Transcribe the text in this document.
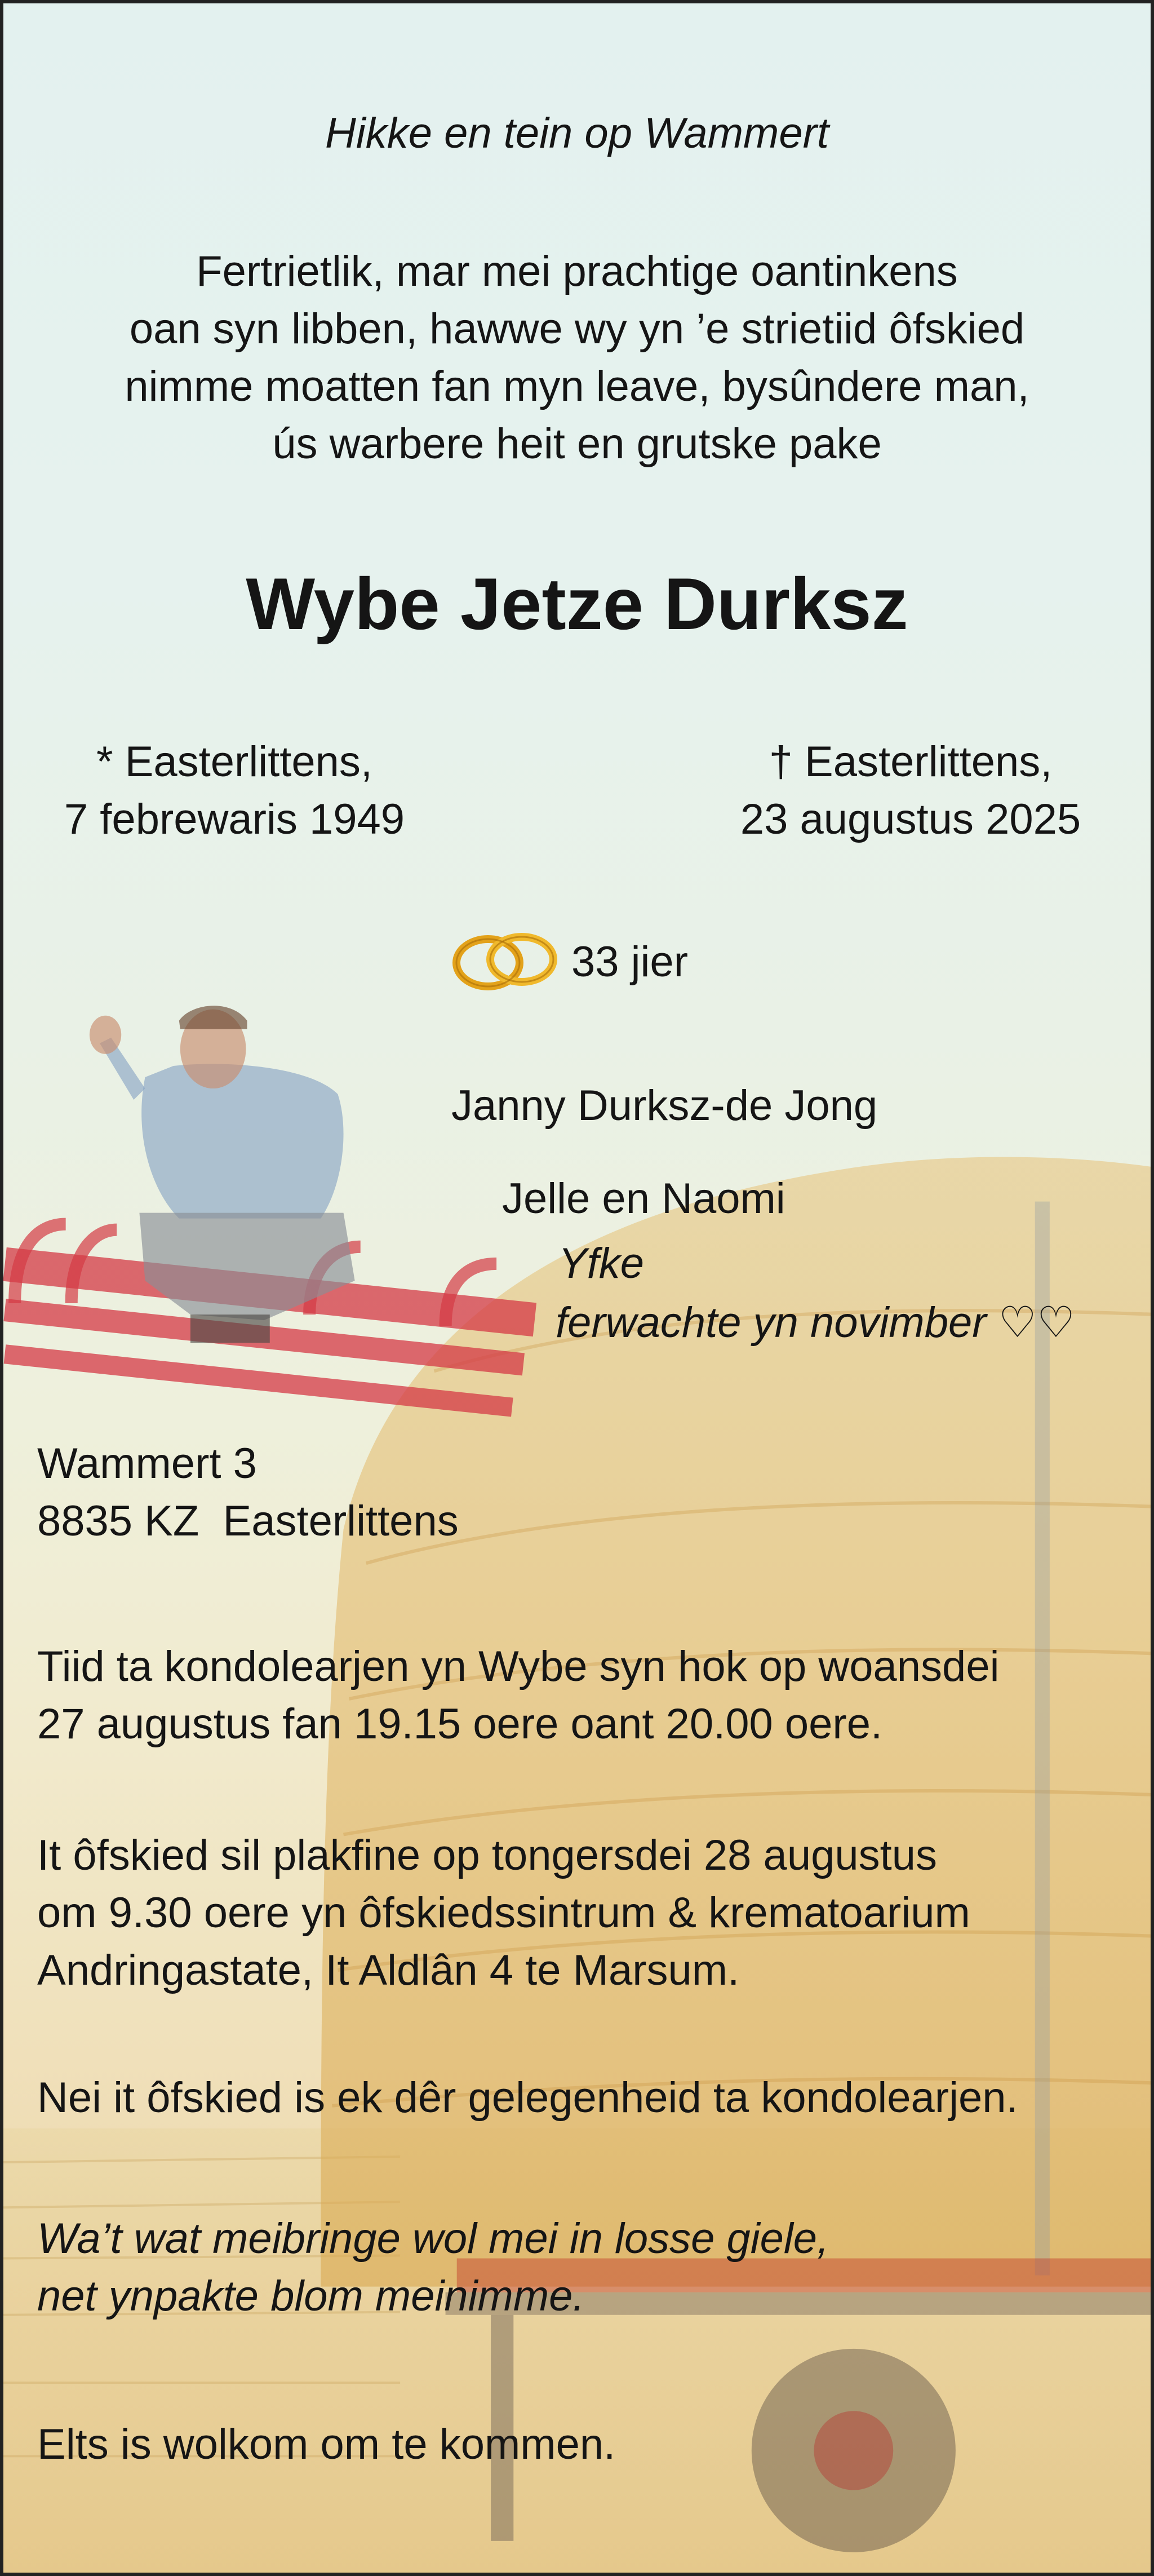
Hikke en tein op Wammert
Fertrietlik, mar mei prachtige oantinkens
oan syn libben, hawwe wy yn ’e strietiid ôfskied
nimme moatten fan myn leave, bysûndere man,
ús warbere heit en grutske pake
Wybe Jetze Durksz
* Easterlittens,
7 febrewaris 1949
† Easterlittens,
23 augustus 2025
33 jier
Janny Durksz-de Jong
Jelle en Naomi
Yfke
ferwachte yn novimber ♡♡
Wammert 3
8835 KZ  Easterlittens
Tiid ta kondolearjen yn Wybe syn hok op woansdei
27 augustus fan 19.15 oere oant 20.00 oere.
It ôfskied sil plakfine op tongersdei 28 augustus
om 9.30 oere yn ôfskiedssintrum & krematoarium
Andringastate, It Aldlân 4 te Marsum.
Nei it ôfskied is ek dêr gelegenheid ta kondolearjen.
Wa’t wat meibringe wol mei in losse giele,
net ynpakte blom meinimme.
Elts is wolkom om te kommen.
